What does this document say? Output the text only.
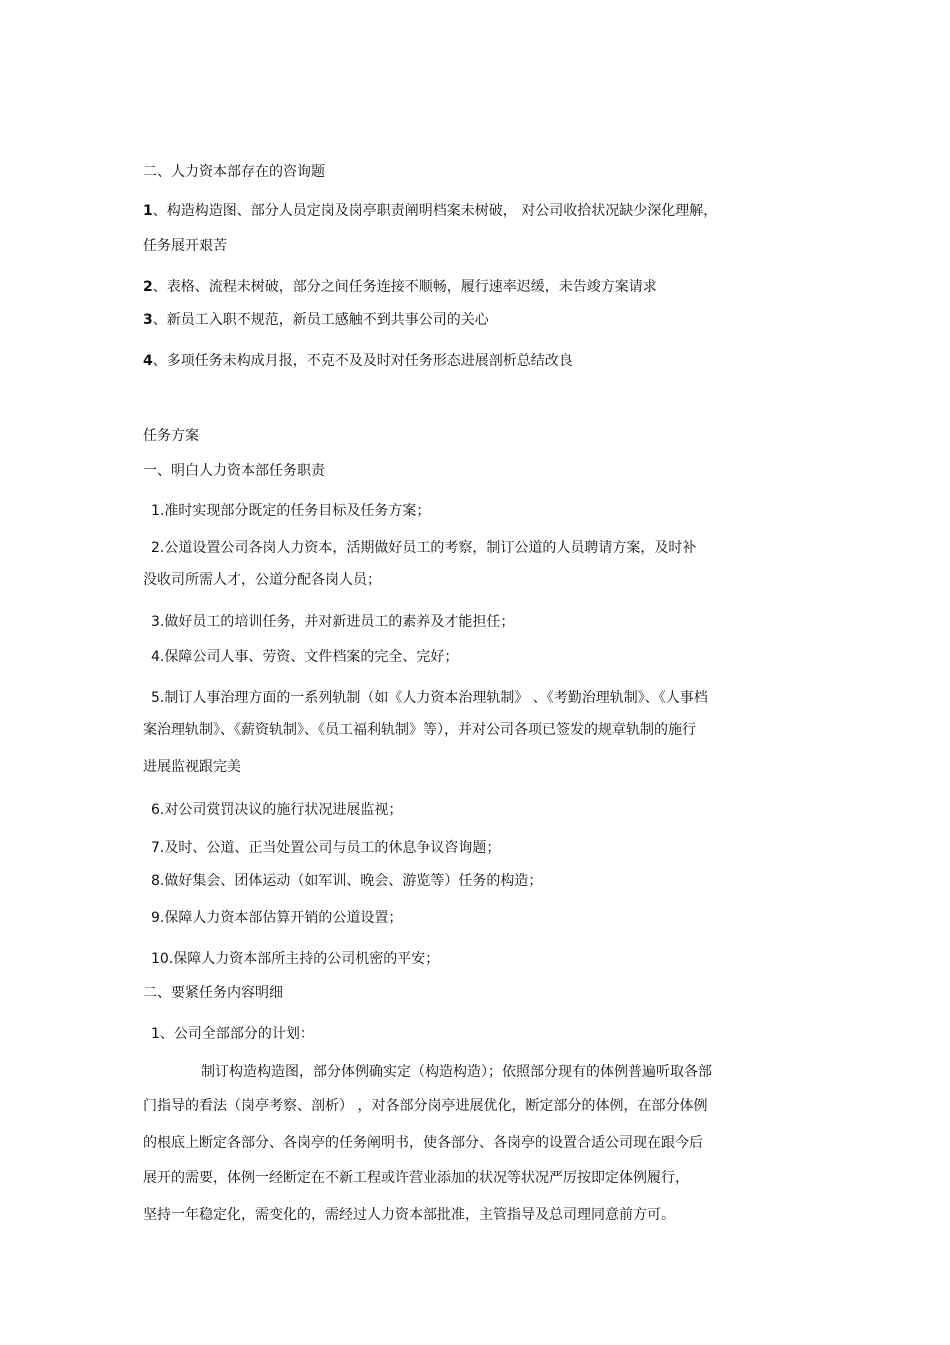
二、人力资本部存在的咨询题
1、构造构造图、部分人员定岗及岗亭职责阐明档案未树破， 对公司收拾状况缺少深化理解，
任务展开艰苦
2、表格、流程未树破，部分之间任务连接不顺畅，履行速率迟缓，未告竣方案请求
3、新员工入职不规范，新员工感触不到共事公司的关心
4、多项任务未构成月报，不克不及及时对任务形态进展剖析总结改良
任务方案
一、明白人力资本部任务职责
1.准时实现部分既定的任务目标及任务方案；
2.公道设置公司各岗人力资本，活期做好员工的考察，制订公道的人员聘请方案，及时补
没收司所需人才，公道分配各岗人员；
3.做好员工的培训任务，并对新进员工的素养及才能担任；
4.保障公司人事、劳资、文件档案的完全、完好；
5.制订人事治理方面的一系列轨制（如《人力资本治理轨制》 、《考勤治理轨制》、《人事档
案治理轨制》、《薪资轨制》、《员工福利轨制》等），并对公司各项已签发的规章轨制的施行
进展监视跟完美
6.对公司赏罚决议的施行状况进展监视；
7.及时、公道、正当处置公司与员工的休息争议咨询题；
8.做好集会、团体运动（如军训、晚会、游览等）任务的构造；
9.保障人力资本部估算开销的公道设置；
10.保障人力资本部所主持的公司机密的平安；
二、要紧任务内容明细
1、公司全部部分的计划：
制订构造构造图，部分体例确实定（构造构造）；依照部分现有的体例普遍听取各部
门指导的看法（岗亭考察、剖析） ，对各部分岗亭进展优化，断定部分的体例，在部分体例
的根底上断定各部分、各岗亭的任务阐明书，使各部分、各岗亭的设置合适公司现在跟今后
展开的需要，体例一经断定在不新工程或许营业添加的状况等状况严厉按即定体例履行，
坚持一年稳定化，需变化的，需经过人力资本部批准，主管指导及总司理同意前方可。
